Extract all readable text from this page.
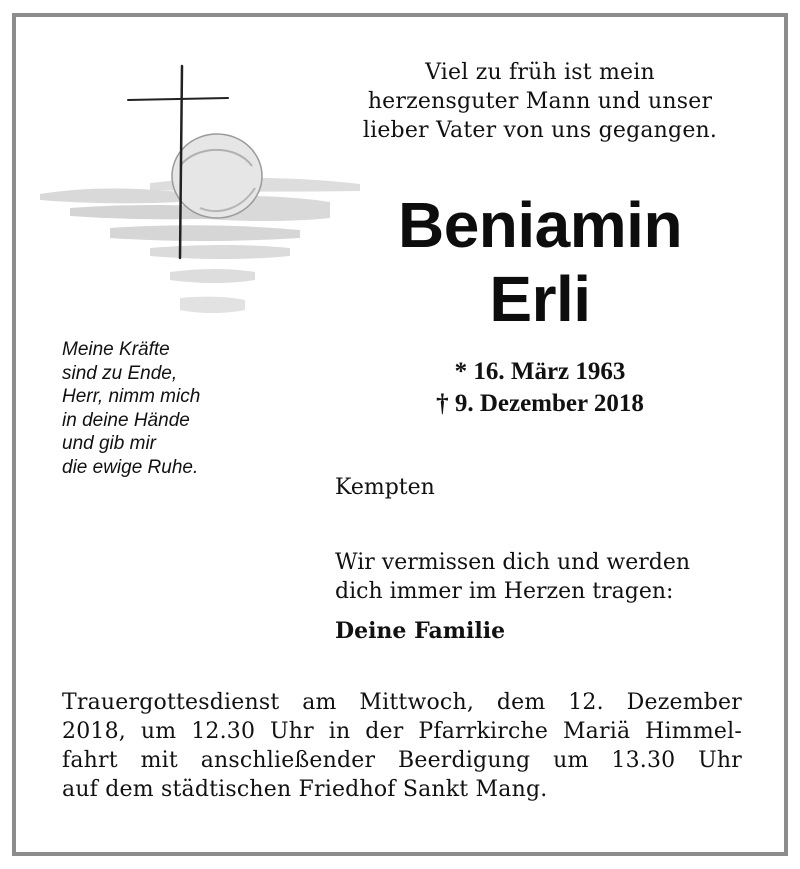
Viel zu früh ist mein
herzensguter Mann und unser
lieber Vater von uns gegangen.
Beniamin
Erli
* 16. März 1963
† 9. Dezember 2018
Meine Kräfte
sind zu Ende,
Herr, nimm mich
in deine Hände
und gib mir
die ewige Ruhe.
Kempten
Wir vermissen dich und werden
dich immer im Herzen tragen:
Deine Familie
Trauergottesdienst am Mittwoch, dem 12. Dezember
2018, um 12.30 Uhr in der Pfarrkirche Mariä Himmel-
fahrt mit anschließender Beerdigung um 13.30 Uhr
auf dem städtischen Friedhof Sankt Mang.
